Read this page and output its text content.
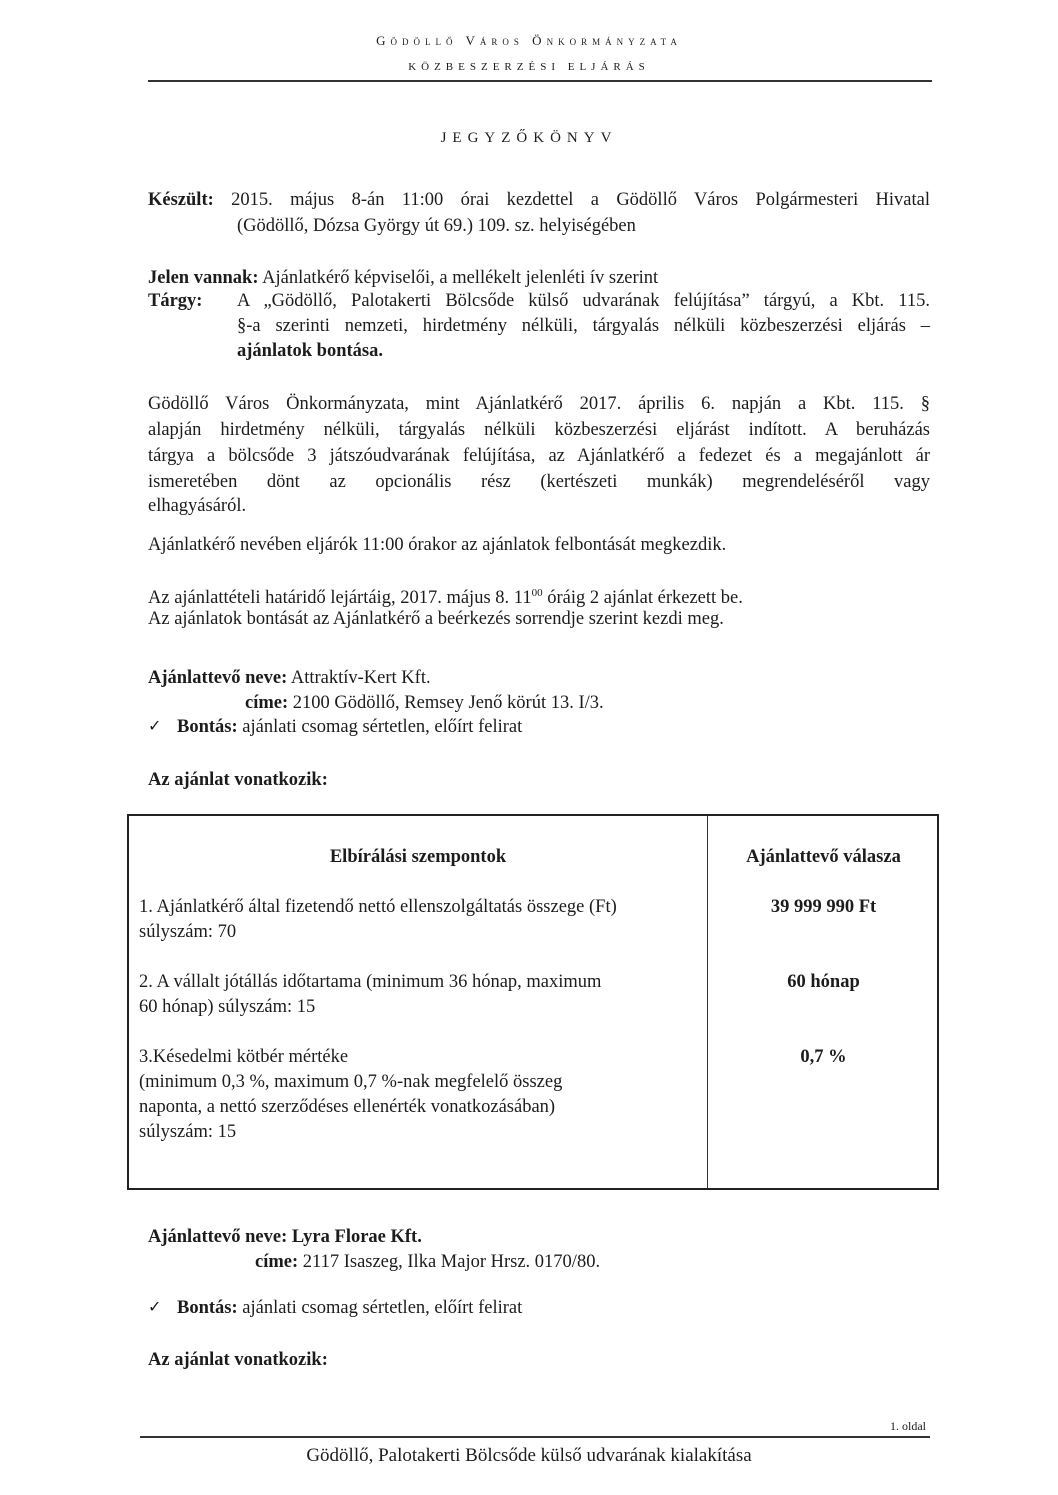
Gödöllő Város Önkormányzata
KÖZBESZERZÉSI ELJÁRÁS
JEGYZŐKÖNYV
Készült: 2015. május 8-án 11:00 órai kezdettel a Gödöllő Város Polgármesteri Hivatal
(Gödöllő, Dózsa György út 69.) 109. sz. helyiségében
Jelen vannak: Ajánlatkérő képviselői, a mellékelt jelenléti ív szerint
Tárgy: A „Gödöllő, Palotakerti Bölcsőde külső udvarának felújítása” tárgyú, a Kbt. 115.
§-a szerinti nemzeti, hirdetmény nélküli, tárgyalás nélküli közbeszerzési eljárás –
ajánlatok bontása.
Gödöllő Város Önkormányzata, mint Ajánlatkérő 2017. április 6. napján a Kbt. 115. §
alapján hirdetmény nélküli, tárgyalás nélküli közbeszerzési eljárást indított. A beruházás
tárgya a bölcsőde 3 játszóudvarának felújítása, az Ajánlatkérő a fedezet és a megajánlott ár
ismeretében dönt az opcionális rész (kertészeti munkák) megrendeléséről vagy
elhagyásáról.
Ajánlatkérő nevében eljárók 11:00 órakor az ajánlatok felbontását megkezdik.
Az ajánlattételi határidő lejártáig, 2017. május 8. $11^{00}$ óráig 2 ajánlat érkezett be.
Az ajánlatok bontását az Ajánlatkérő a beérkezés sorrendje szerint kezdi meg.
Ajánlattevő neve: Attraktív-Kert Kft.
címe: 2100 Gödöllő, Remsey Jenő körút 13. I/3.
✓ Bontás: ajánlati csomag sértetlen, előírt felirat
Az ajánlat vonatkozik:
Elbírálási szempontok	Ajánlattevő válasza
1. Ajánlatkérő által fizetendő nettó ellenszolgáltatás összege (Ft)
súlyszám: 70
39 999 990 Ft
2. A vállalt jótállás időtartama (minimum 36 hónap, maximum
60 hónap) súlyszám: 15
60 hónap
3.Késedelmi kötbér mértéke
(minimum 0,3 %, maximum 0,7 %-nak megfelelő összeg
naponta, a nettó szerződéses ellenérték vonatkozásában)
súlyszám: 15
0,7 %
Ajánlattevő neve: Lyra Florae Kft.
címe: 2117 Isaszeg, Ilka Major Hrsz. 0170/80.
✓ Bontás: ajánlati csomag sértetlen, előírt felirat
Az ajánlat vonatkozik:
1. oldal
Gödöllő, Palotakerti Bölcsőde külső udvarának kialakítása
